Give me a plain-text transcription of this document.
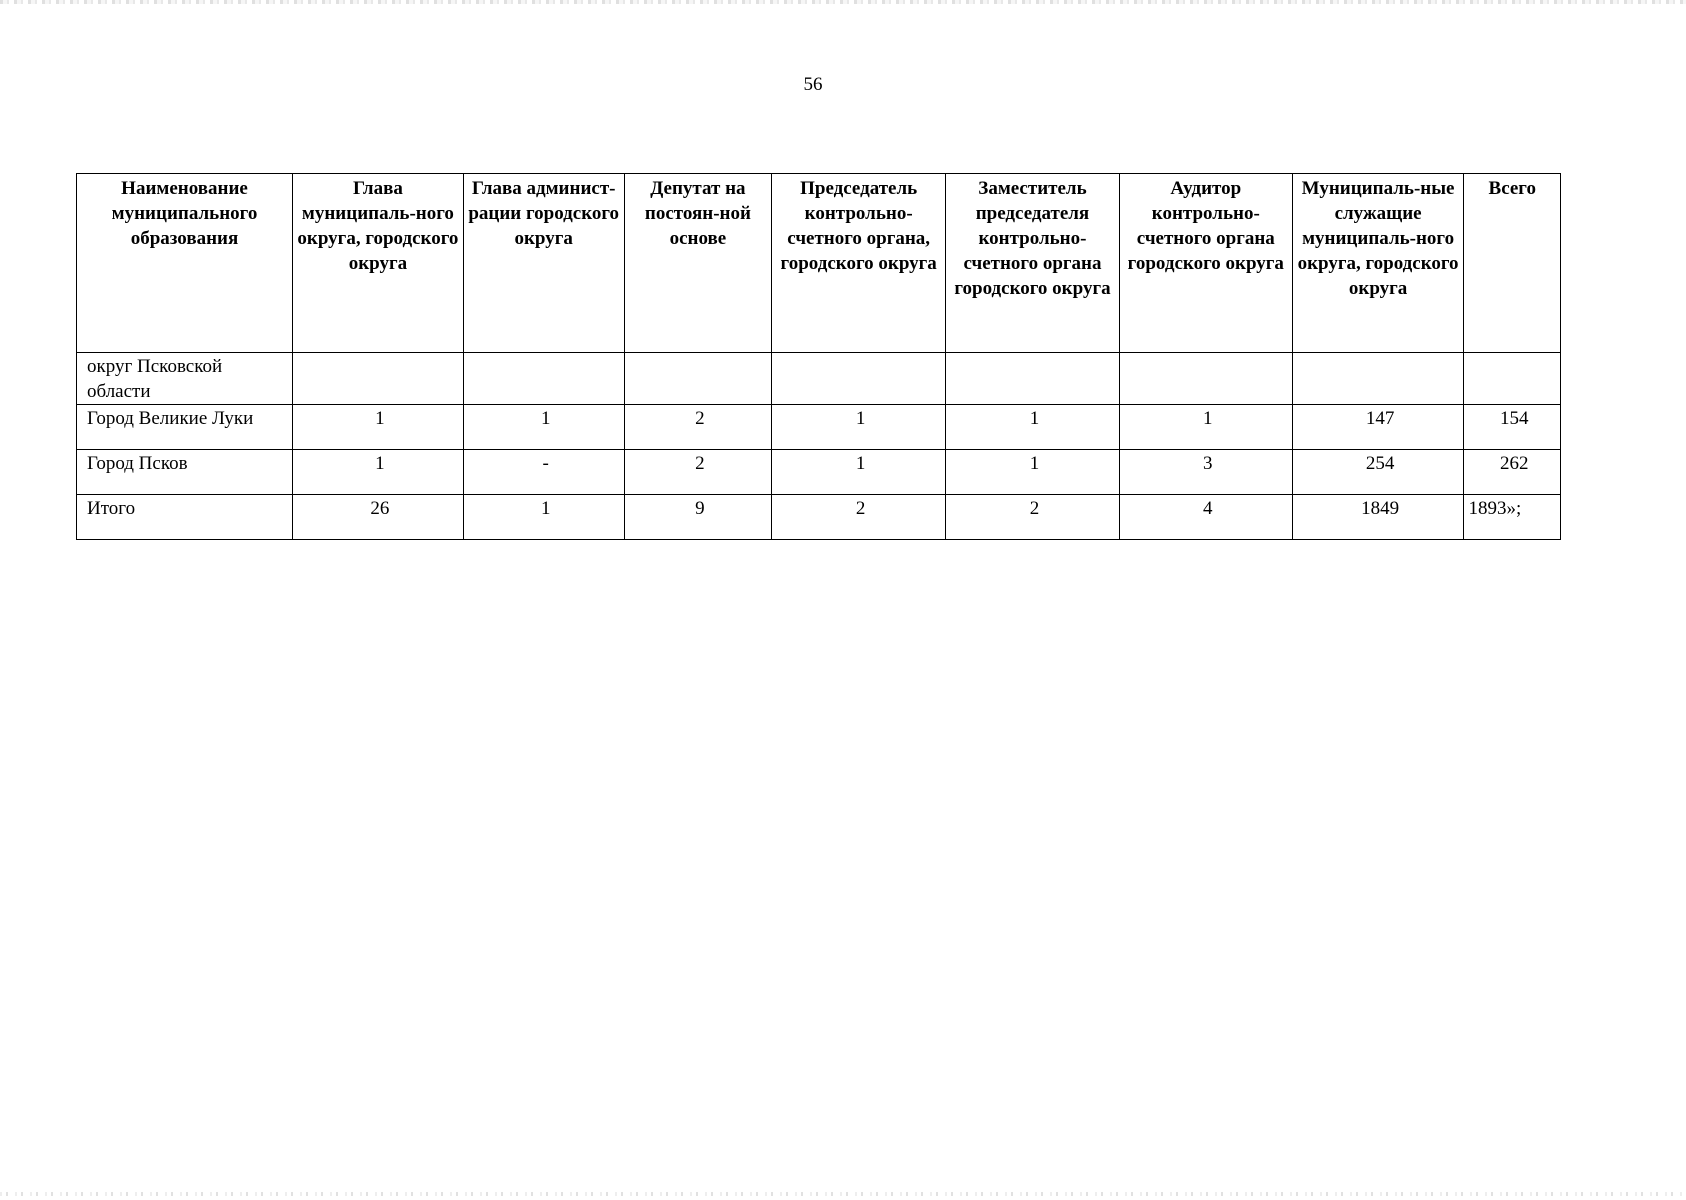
56
Наименование муниципального образования	Глава муниципаль-ного округа, городского округа	Глава админист-рации городского округа	Депутат на постоян-ной основе	Председатель контрольно-счетного органа, городского округа	Заместитель председателя контрольно-счетного органа городского округа	Аудитор контрольно-счетного органа городского округа	Муниципаль-ные служащие муниципаль-ного округа, городского округа	Всего
округ Псковской области								
Город Великие Луки	1	1	2	1	1	1	147	154
Город Псков	1	-	2	1	1	3	254	262
Итого	26	1	9	2	2	4	1849	1893»;
